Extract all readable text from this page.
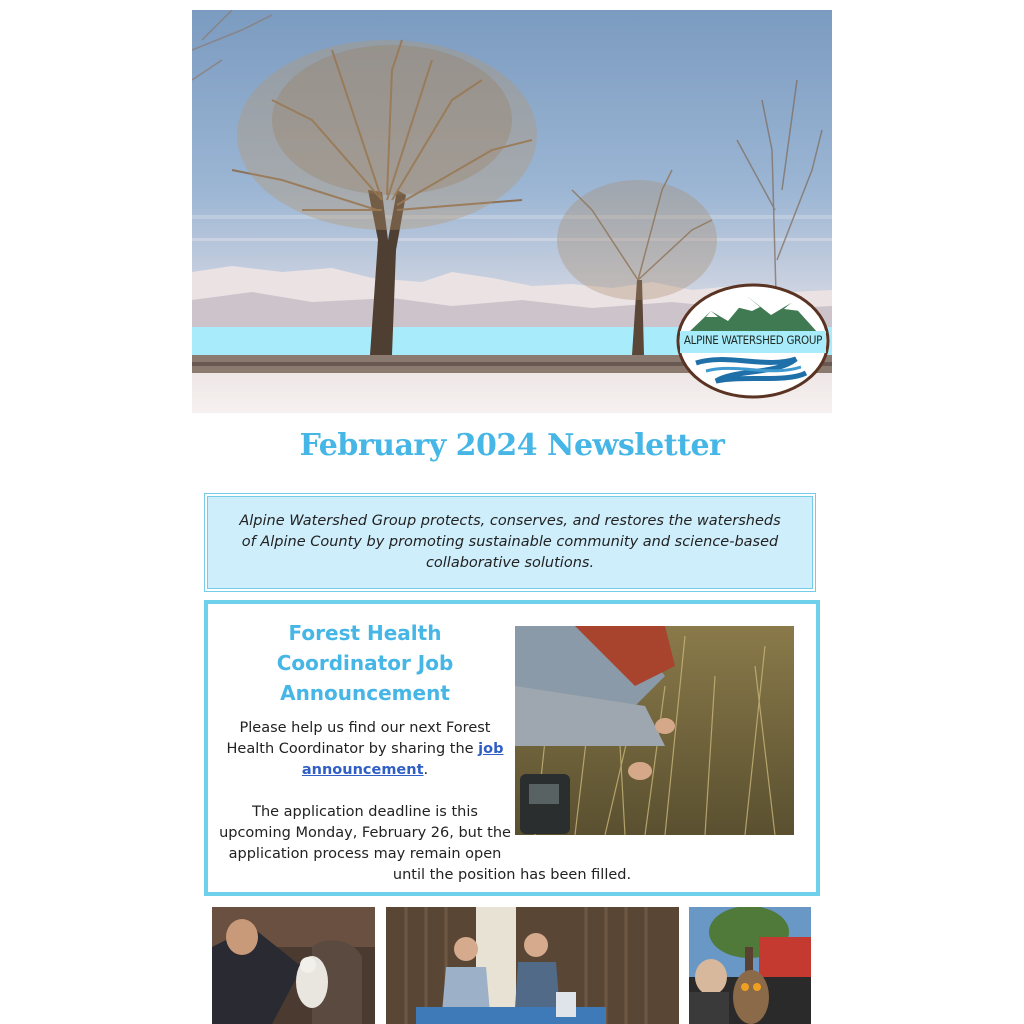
ALPINE WATERSHED GROUP
February 2024 Newsletter
Alpine Watershed Group protects, conserves, and restores the watersheds of Alpine County by promoting sustainable community and science-based collaborative solutions.
Forest Health Coordinator Job Announcement
Please help us find our next Forest Health Coordinator by sharing the job announcement.
The application deadline is this upcoming Monday, February 26, but the application process may remain open
until the position has been filled.
